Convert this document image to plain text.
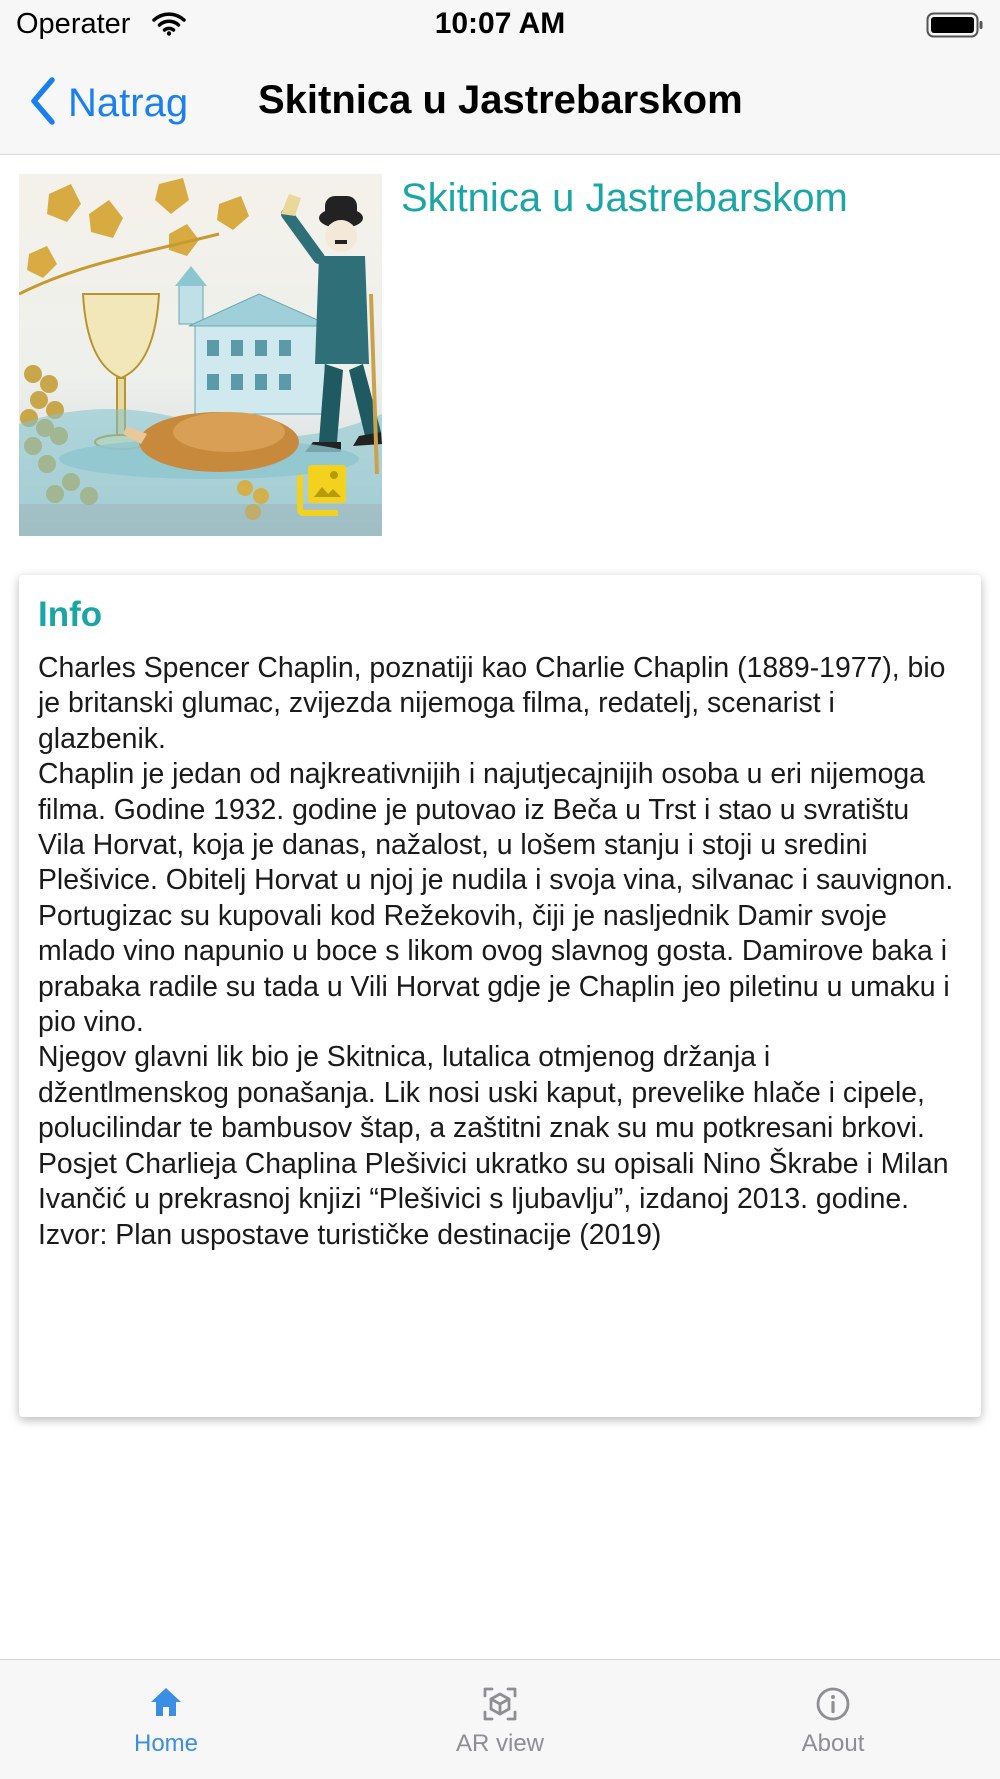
Operater	10:07 AM
Natrag Skitnica u Jastrebarskom
Skitnica u Jastrebarskom
Info

Charles Spencer Chaplin, poznatiji kao Charlie Chaplin (1889-1977), bio je britanski glumac, zvijezda nijemoga filma, redatelj, scenarist i glazbenik.

Chaplin je jedan od najkreativnijih i najutjecajnijih osoba u eri nijemoga filma. Godine 1932. godine je putovao iz Beča u Trst i stao u svratištu Vila Horvat, koja je danas, nažalost, u lošem stanju i stoji u sredini Plešivice. Obitelj Horvat u njoj je nudila i svoja vina, silvanac i sauvignon. Portugizac su kupovali kod Režekovih, čiji je nasljednik Damir svoje mlado vino napunio u boce s likom ovog slavnog gosta. Damirove baka i prabaka radile su tada u Vili Horvat gdje je Chaplin jeo piletinu u umaku i pio vino.

Njegov glavni lik bio je Skitnica, lutalica otmjenog držanja i džentlmenskog ponašanja. Lik nosi uski kaput, prevelike hlače i cipele, polucilindar te bambusov štap, a zaštitni znak su mu potkresani brkovi.

Posjet Charlieja Chaplina Plešivici ukratko su opisali Nino Škrabe i Milan Ivančić u prekrasnoj knjizi “Plešivici s ljubavlju”, izdanoj 2013. godine.

Izvor: Plan uspostave turističke destinacije (2019)

Home	AR view	About
